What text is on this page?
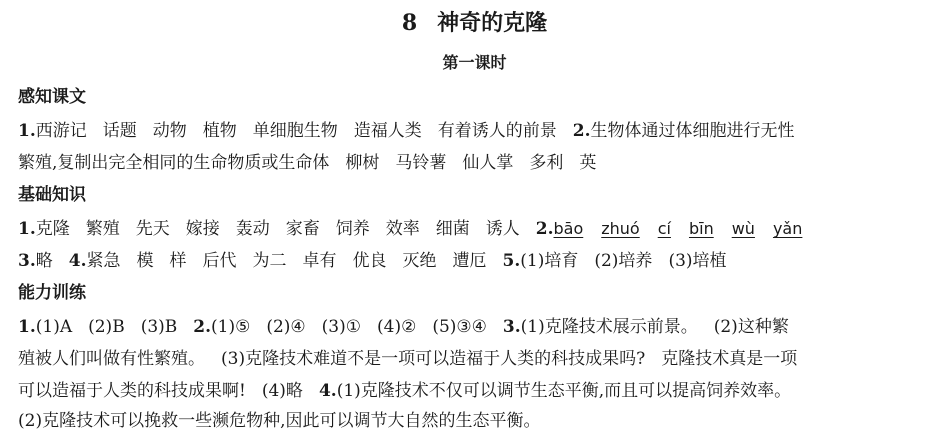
8 神奇的克隆
第一课时
感知课文
1.西游记 话题 动物 植物 单细胞生物 造福人类 有着诱人的前景 2.生物体通过体细胞进行无性
繁殖,复制出完全相同的生命物质或生命体 柳树 马铃薯 仙人掌 多利 英
基础知识
1.克隆 繁殖 先天 嫁接 轰动 家畜 饲养 效率 细菌 诱人 2.bāo zhuó cí bīn wù yǎn
3.略 4.紧急 模 样 后代 为二 卓有 优良 灭绝 遭厄 5.(1)培育 (2)培养 (3)培植
能力训练
1.(1)A (2)B (3)B 2.(1)⑤ (2)④ (3)① (4)② (5)③④ 3.(1)克隆技术展示前景。 (2)这种繁
殖被人们叫做有性繁殖。 (3)克隆技术难道不是一项可以造福于人类的科技成果吗? 克隆技术真是一项
可以造福于人类的科技成果啊! (4)略 4.(1)克隆技术不仅可以调节生态平衡,而且可以提高饲养效率。
(2)克隆技术可以挽救一些濒危物种,因此可以调节大自然的生态平衡。
